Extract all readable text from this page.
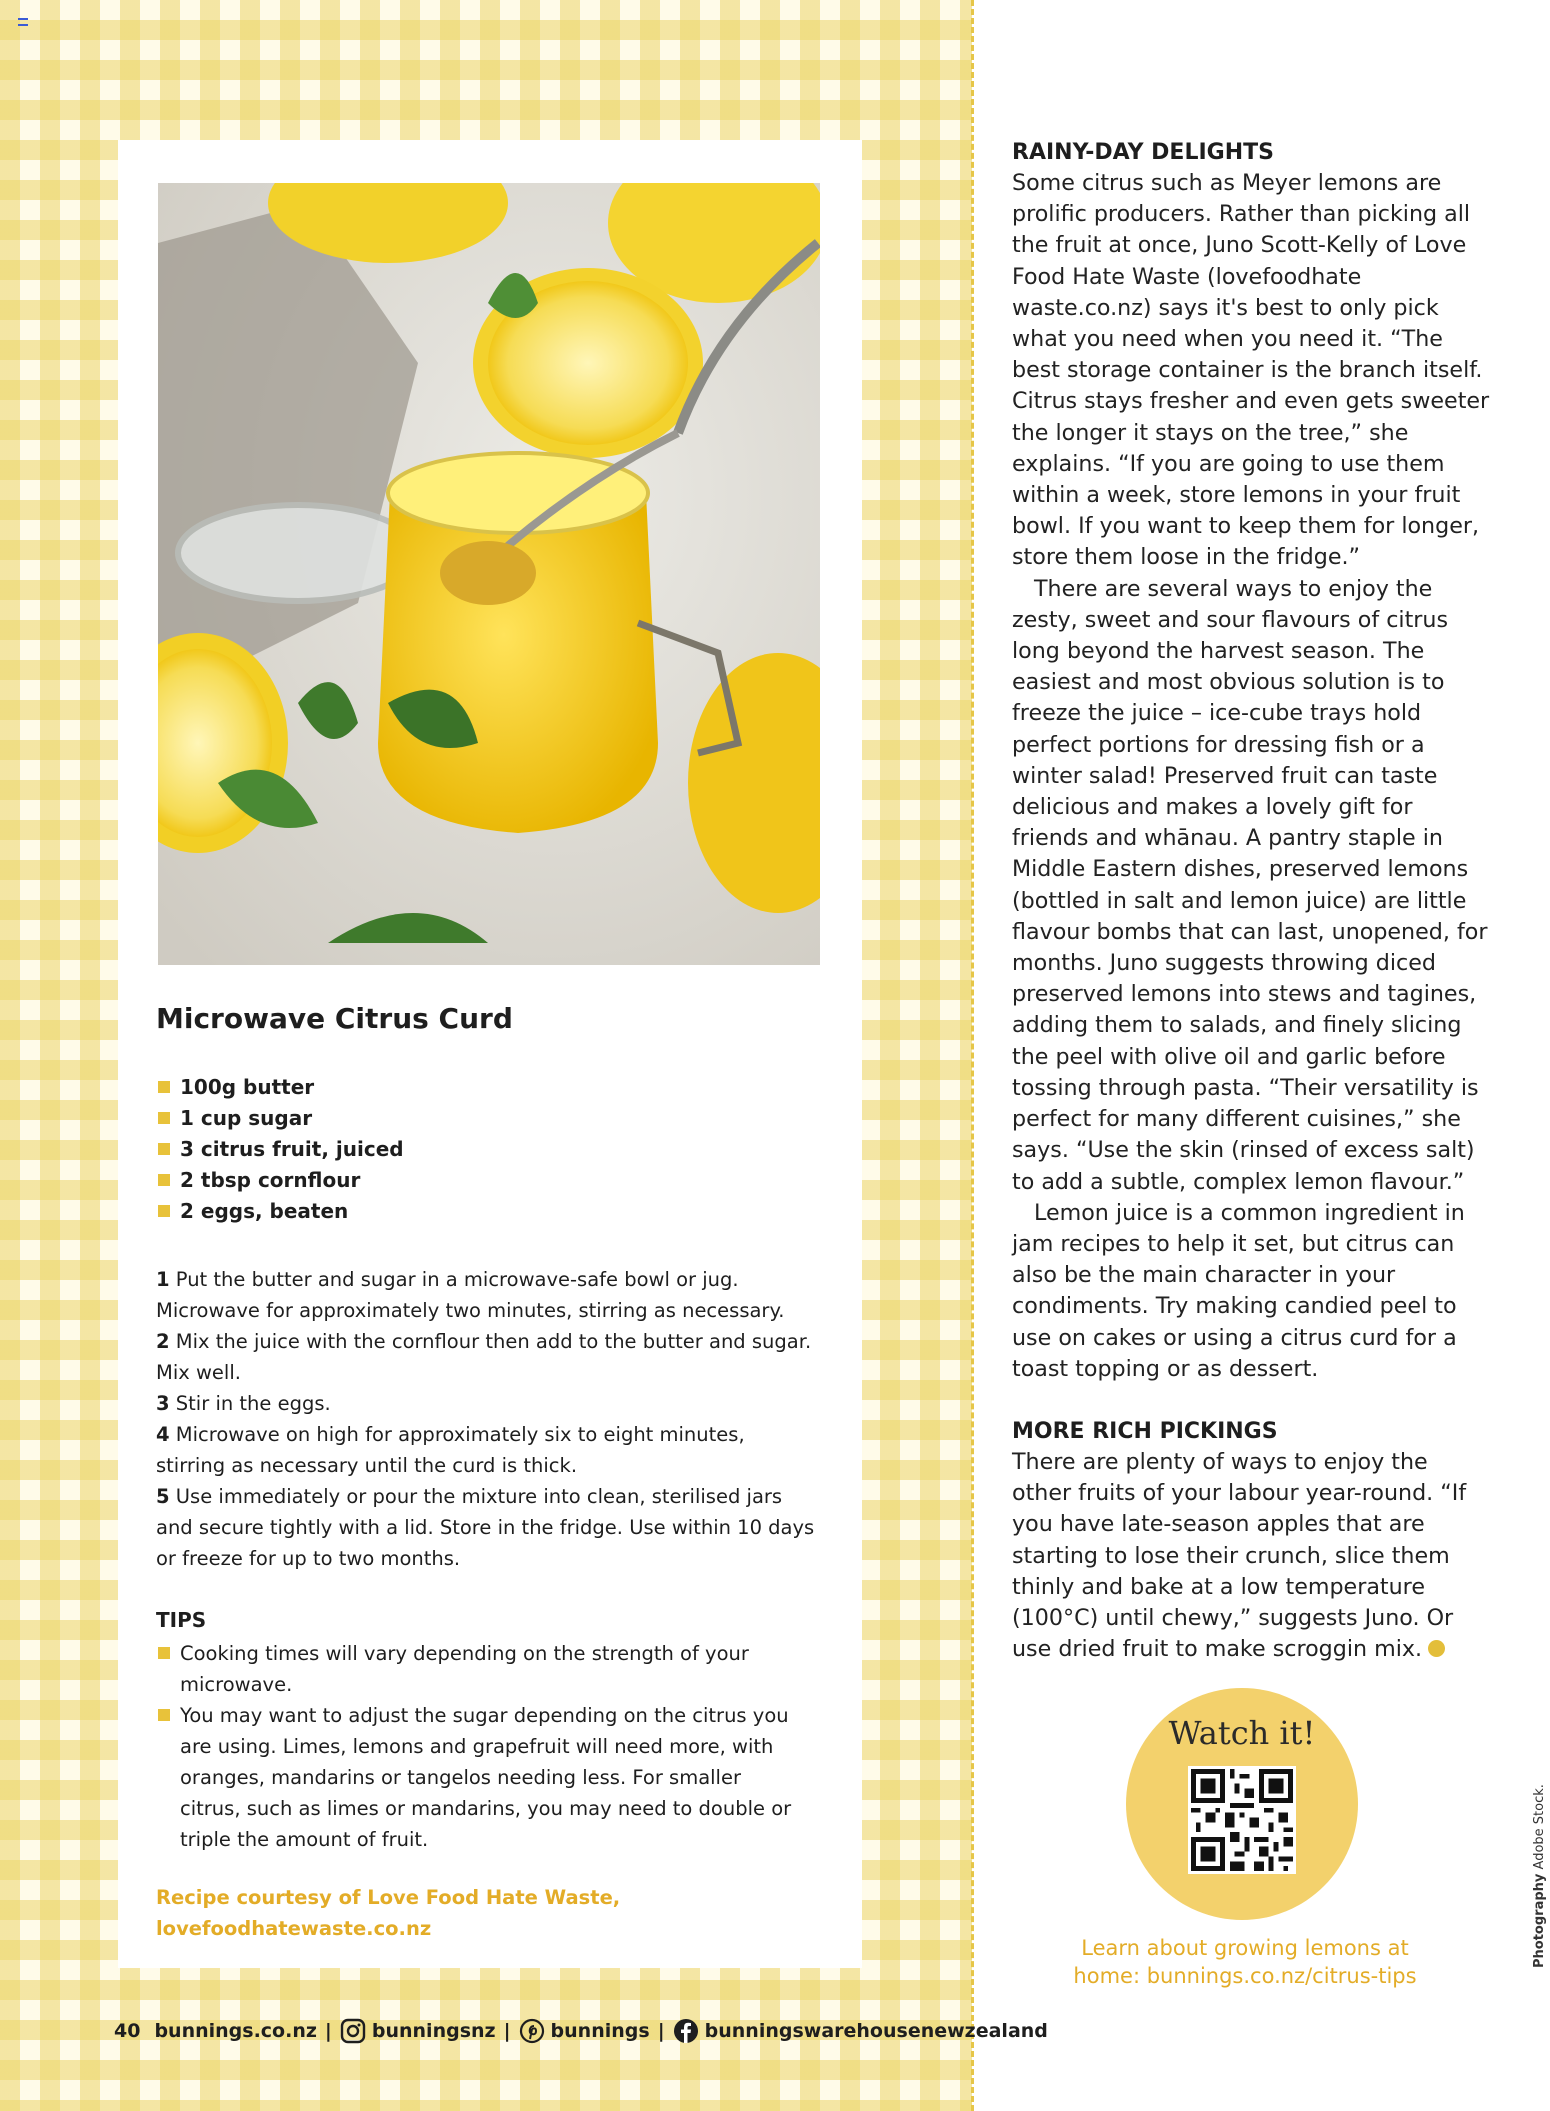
Microwave Citrus Curd
100g butter
1 cup sugar
3 citrus fruit, juiced
2 tbsp cornflour
2 eggs, beaten

1 Put the butter and sugar in a microwave-safe bowl or jug. Microwave for approximately two minutes, stirring as necessary.

2 Mix the juice with the cornflour then add to the butter and sugar. Mix well.

3 Stir in the eggs.

4 Microwave on high for approximately six to eight minutes, stirring as necessary until the curd is thick.

5 Use immediately or pour the mixture into clean, sterilised jars and secure tightly with a lid. Store in the fridge. Use within 10 days or freeze for up to two months.

TIPS
Cooking times will vary depending on the strength of your microwave.
You may want to adjust the sugar depending on the citrus you are using. Limes, lemons and grapefruit will need more, with oranges, mandarins or tangelos needing less. For smaller citrus, such as limes or mandarins, you may need to double or triple the amount of fruit.
Recipe courtesy of Love Food Hate Waste,
lovefoodhatewaste.co.nz
RAINY-DAY DELIGHTS

Some citrus such as Meyer lemons are prolific producers. Rather than picking all the fruit at once, Juno Scott-Kelly of Love Food Hate Waste (lovefoodhate waste.co.nz) says it's best to only pick what you need when you need it. “The best storage container is the branch itself. Citrus stays fresher and even gets sweeter the longer it stays on the tree,” she explains. “If you are going to use them within a week, store lemons in your fruit bowl. If you want to keep them for longer, store them loose in the fridge.”

There are several ways to enjoy the zesty, sweet and sour flavours of citrus long beyond the harvest season. The easiest and most obvious solution is to freeze the juice – ice-cube trays hold perfect portions for dressing fish or a winter salad! Preserved fruit can taste delicious and makes a lovely gift for friends and whānau. A pantry staple in Middle Eastern dishes, preserved lemons (bottled in salt and lemon juice) are little flavour bombs that can last, unopened, for months. Juno suggests throwing diced preserved lemons into stews and tagines, adding them to salads, and finely slicing the peel with olive oil and garlic before tossing through pasta. “Their versatility is perfect for many different cuisines,” she says. “Use the skin (rinsed of excess salt) to add a subtle, complex lemon flavour.”

Lemon juice is a common ingredient in jam recipes to help it set, but citrus can also be the main character in your condiments. Try making candied peel to use on cakes or using a citrus curd for a toast topping or as dessert.

MORE RICH PICKINGS

There are plenty of ways to enjoy the other fruits of your labour year-round. “If you have late-season apples that are starting to lose their crunch, slice them thinly and bake at a low temperature (100°C) until chewy,” suggests Juno. Or use dried fruit to make scroggin mix.

Watch it!
Learn about growing lemons at
home: bunnings.co.nz/citrus-tips
Photography Adobe Stock.
40 bunnings.co.nz | bunningsnz | bunnings | bunningswarehousenewzealand
